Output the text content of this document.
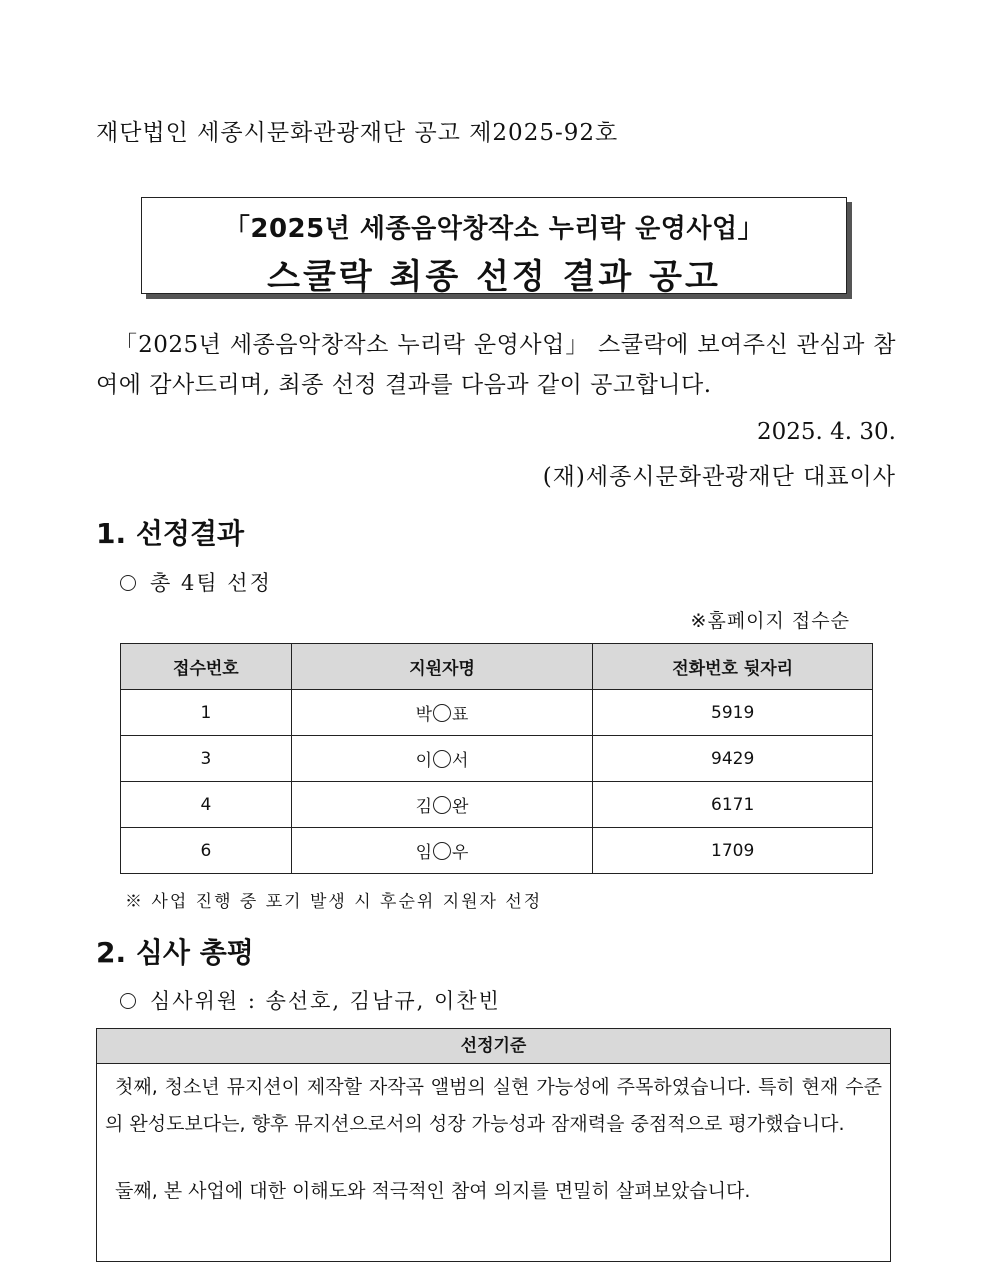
재단법인 세종시문화관광재단 공고 제2025-92호
「2025년 세종음악창작소 누리락 운영사업」
스쿨락 최종 선정 결과 공고
「2025년 세종음악창작소 누리락 운영사업」 스쿨락에 보여주신 관심과 참여에 감사드리며, 최종 선정 결과를 다음과 같이 공고합니다.
2025. 4. 30.
(재)세종시문화관광재단 대표이사
1. 선정결과
총 4팀 선정
※홈페이지 접수순
접수번호	지원자명	전화번호 뒷자리
1	박 표	5919
3	이 서	9429
4	김 완	6171
6	임 우	1709
※ 사업 진행 중 포기 발생 시 후순위 지원자 선정
2. 심사 총평
심사위원 : 송선호, 김남규, 이찬빈
선정기준

첫째, 청소년 뮤지션이 제작할 자작곡 앨범의 실현 가능성에 주목하였습니다. 특히 현재 수준의 완성도보다는, 향후 뮤지션으로서의 성장 가능성과 잠재력을 중점적으로 평가했습니다.

둘째, 본 사업에 대한 이해도와 적극적인 참여 의지를 면밀히 살펴보았습니다.
